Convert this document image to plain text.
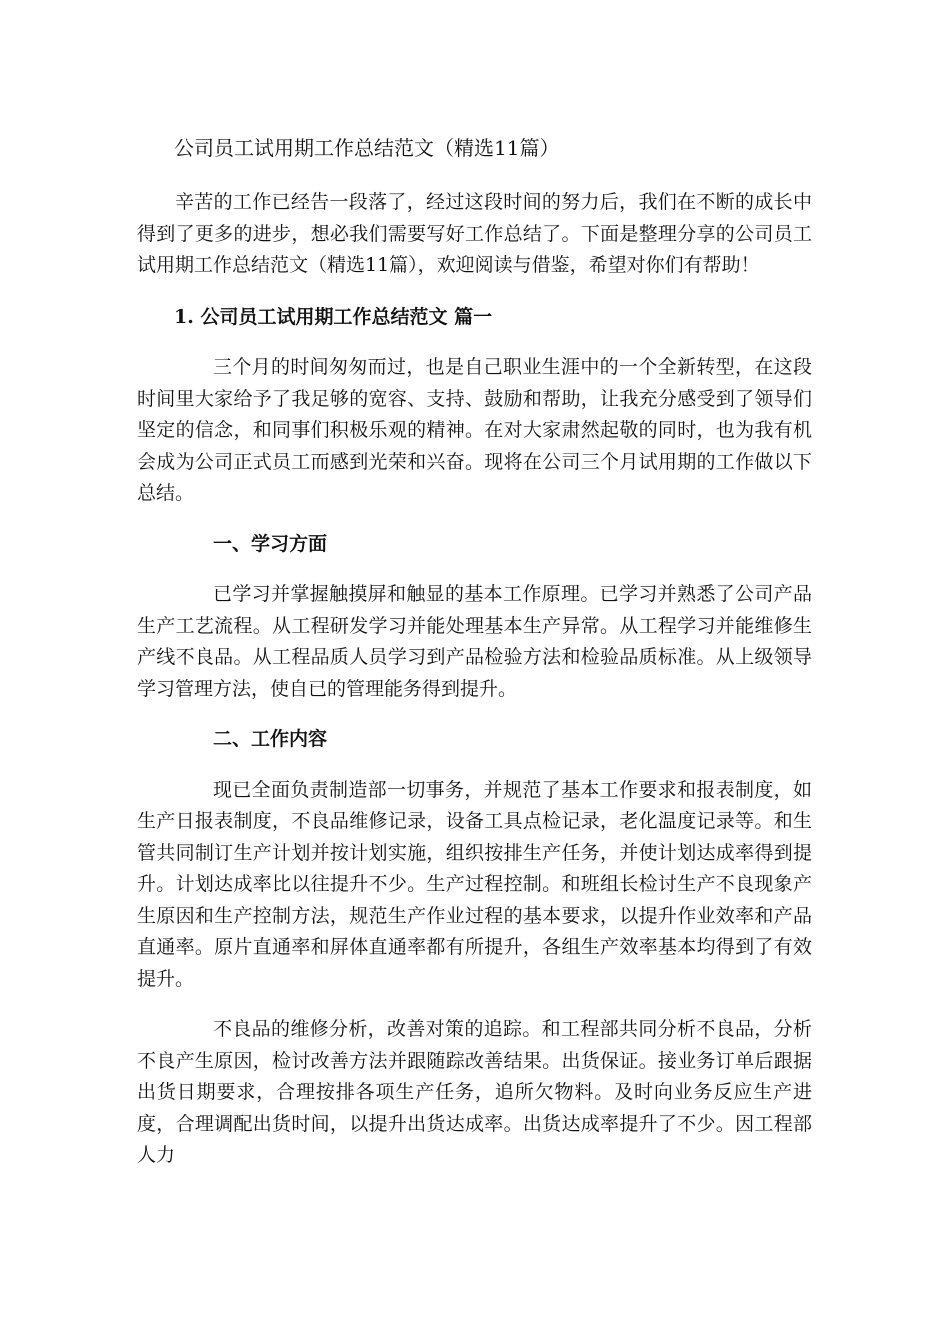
公司员工试用期工作总结范文（精选11篇）

辛苦的工作已经告一段落了，经过这段时间的努力后，我们在不断的成长中得到了更多的进步，想必我们需要写好工作总结了。下面是整理分享的公司员工试用期工作总结范文（精选11篇），欢迎阅读与借鉴，希望对你们有帮助！

1. 公司员工试用期工作总结范文 篇一

三个月的时间匆匆而过，也是自己职业生涯中的一个全新转型，在这段时间里大家给予了我足够的宽容、支持、鼓励和帮助，让我充分感受到了领导们坚定的信念，和同事们积极乐观的精神。在对大家肃然起敬的同时，也为我有机会成为公司正式员工而感到光荣和兴奋。现将在公司三个月试用期的工作做以下总结。

一、学习方面

已学习并掌握触摸屏和触显的基本工作原理。已学习并熟悉了公司产品生产工艺流程。从工程研发学习并能处理基本生产异常。从工程学习并能维修生产线不良品。从工程品质人员学习到产品检验方法和检验品质标准。从上级领导学习管理方法，使自已的管理能务得到提升。

二、工作内容

现已全面负责制造部一切事务，并规范了基本工作要求和报表制度，如生产日报表制度，不良品维修记录，设备工具点检记录，老化温度记录等。和生管共同制订生产计划并按计划实施，组织按排生产任务，并使计划达成率得到提升。计划达成率比以往提升不少。生产过程控制。和班组长检讨生产不良现象产生原因和生产控制方法，规范生产作业过程的基本要求，以提升作业效率和产品直通率。原片直通率和屏体直通率都有所提升，各组生产效率基本均得到了有效提升。

不良品的维修分析，改善对策的追踪。和工程部共同分析不良品，分析不良产生原因，检讨改善方法并跟随踪改善结果。出货保证。接业务订单后跟据出货日期要求，合理按排各项生产任务，追所欠物料。及时向业务反应生产进度，合理调配出货时间，以提升出货达成率。出货达成率提升了不少。因工程部人力
